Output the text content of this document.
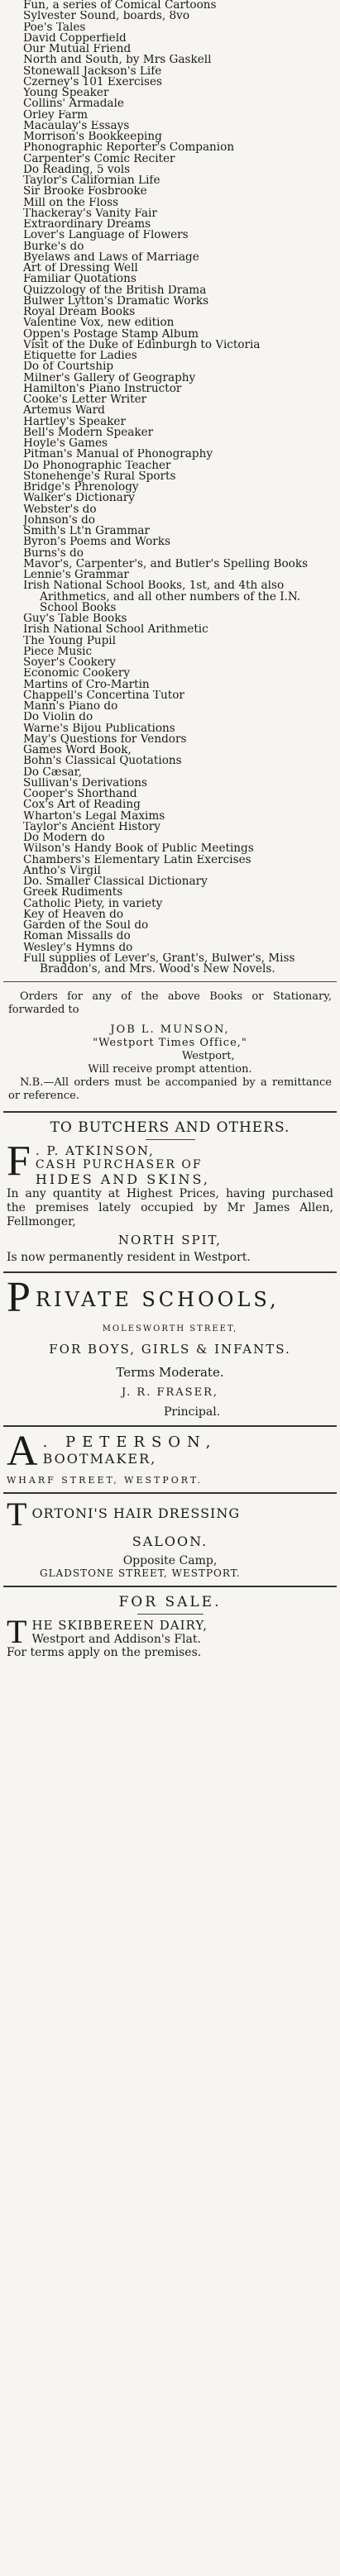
Fun, a series of Comical Cartoons
Sylvester Sound, boards, 8vo
Poe's Tales
David Copperfield
Our Mutual Friend
North and South, by Mrs Gaskell
Stonewall Jackson's Life
Czerney's 101 Exercises
Young Speaker
Collins' Armadale
Orley Farm
Macaulay's Essays
Morrison's Bookkeeping
Phonographic Reporter's Companion
Carpenter's Comic Reciter
Do Reading, 5 vols
Taylor's Californian Life
Sir Brooke Fosbrooke
Mill on the Floss
Thackeray's Vanity Fair
Extraordinary Dreams
Lover's Language of Flowers
Burke's do
Byelaws and Laws of Marriage
Art of Dressing Well
Familiar Quotations
Quizzology of the British Drama
Bulwer Lytton's Dramatic Works
Royal Dream Books
Valentine Vox, new edition
Oppen's Postage Stamp Album
Visit of the Duke of Edinburgh to Victoria
Etiquette for Ladies
Do of Courtship
Milner's Gallery of Geography
Hamilton's Piano Instructor
Cooke's Letter Writer
Artemus Ward
Hartley's Speaker
Bell's Modern Speaker
Hoyle's Games
Pitman's Manual of Phonography
Do Phonographic Teacher
Stonehenge's Rural Sports
Bridge's Phrenology
Walker's Dictionary
Webster's do
Johnson's do
Smith's Lt'n Grammar
Byron's Poems and Works
Burns's do
Mavor's, Carpenter's, and Butler's Spelling Books
Lennie's Grammar
Irish National School Books, 1st, and 4th also Arithmetics, and all other numbers of the I.N. School Books
Guy's Table Books
Irish National School Arithmetic
The Young Pupil
Piece Music
Soyer's Cookery
Economic Cookery
Martins of Cro-Martin
Chappell's Concertina Tutor
Mann's Piano do
Do Violin do
Warne's Bijou Publications
May's Questions for Vendors
Games Word Book,
Bohn's Classical Quotations
Do Cæsar,
Sullivan's Derivations
Cooper's Shorthand
Cox's Art of Reading
Wharton's Legal Maxims
Taylor's Ancient History
Do Modern do
Wilson's Handy Book of Public Meetings
Chambers's Elementary Latin Exercises
Antho's Virgil
Do. Smaller Classical Dictionary
Greek Rudiments
Catholic Piety, in variety
Key of Heaven do
Garden of the Soul do
Roman Missalls do
Wesley's Hymns do
Full supplies of Lever's, Grant's, Bulwer's, Miss Braddon's, and Mrs. Wood's New Novels.

Orders for any of the above Books or Stationary, forwarded to

JOB L. MUNSON,

"Westport Times Office,"

Westport,

Will receive prompt attention.

N.B.—All orders must be accompanied by a remittance or reference.

TO BUTCHERS AND OTHERS.

F . P. ATKINSON,

CASH PURCHASER OF

HIDES AND SKINS,

In any quantity at Highest Prices, having purchased the premises lately occupied by Mr James Allen, Fellmonger,

NORTH SPIT,

Is now permanently resident in Westport.

P RIVATE SCHOOLS,

MOLESWORTH STREET,

FOR BOYS, GIRLS & INFANTS.

Terms Moderate.

J. R. FRASER,

Principal.

A . PETERSON,

BOOTMAKER,

WHARF STREET, WESTPORT.

T ORTONI'S HAIR DRESSING

SALOON.

Opposite Camp,

GLADSTONE STREET, WESTPORT.

FOR SALE.

T HE SKIBBEREEN DAIRY,

Westport and Addison's Flat.

For terms apply on the premises.
